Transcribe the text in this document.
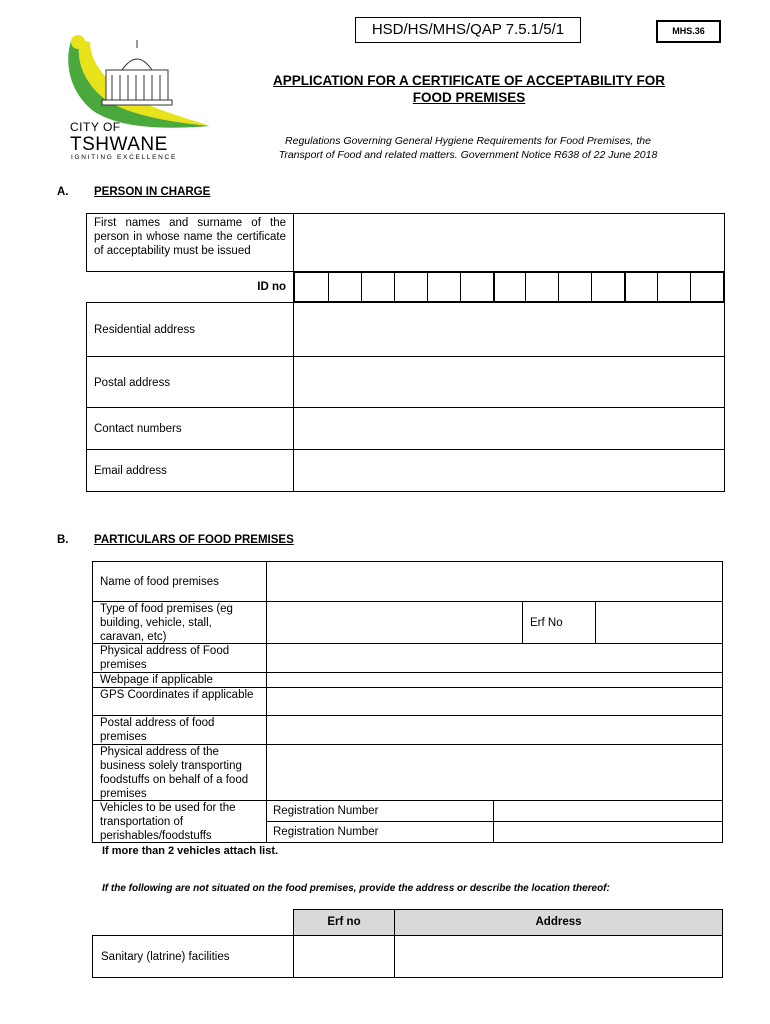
HSD/HS/MHS/QAP 7.5.1/5/1	MHS.36
CITY OF
TSHWANE
IGNITING EXCELLENCE
APPLICATION FOR A CERTIFICATE OF ACCEPTABILITY FOR
FOOD PREMISES
Regulations Governing General Hygiene Requirements for Food Premises, the
Transport of Food and related matters. Government Notice R638 of 22 June 2018
A. PERSON IN CHARGE
First names and surname of the person in whose name the certificate of acceptability must be issued
ID no
Residential address
Postal address
Contact numbers
Email address
B. PARTICULARS OF FOOD PREMISES
Name of food premises
Type of food premises (eg building, vehicle, stall, caravan, etc)
Erf No
Physical address of Food premises
Webpage if applicable
GPS Coordinates if applicable
Postal address of food premises
Physical address of the business solely transporting foodstuffs on behalf of a food premises
Vehicles to be used for the transportation of perishables/foodstuffs
Registration Number
Registration Number
If more than 2 vehicles attach list.
If the following are not situated on the food premises, provide the address or describe the location thereof:
Erf no	Address
Sanitary (latrine) facilities
